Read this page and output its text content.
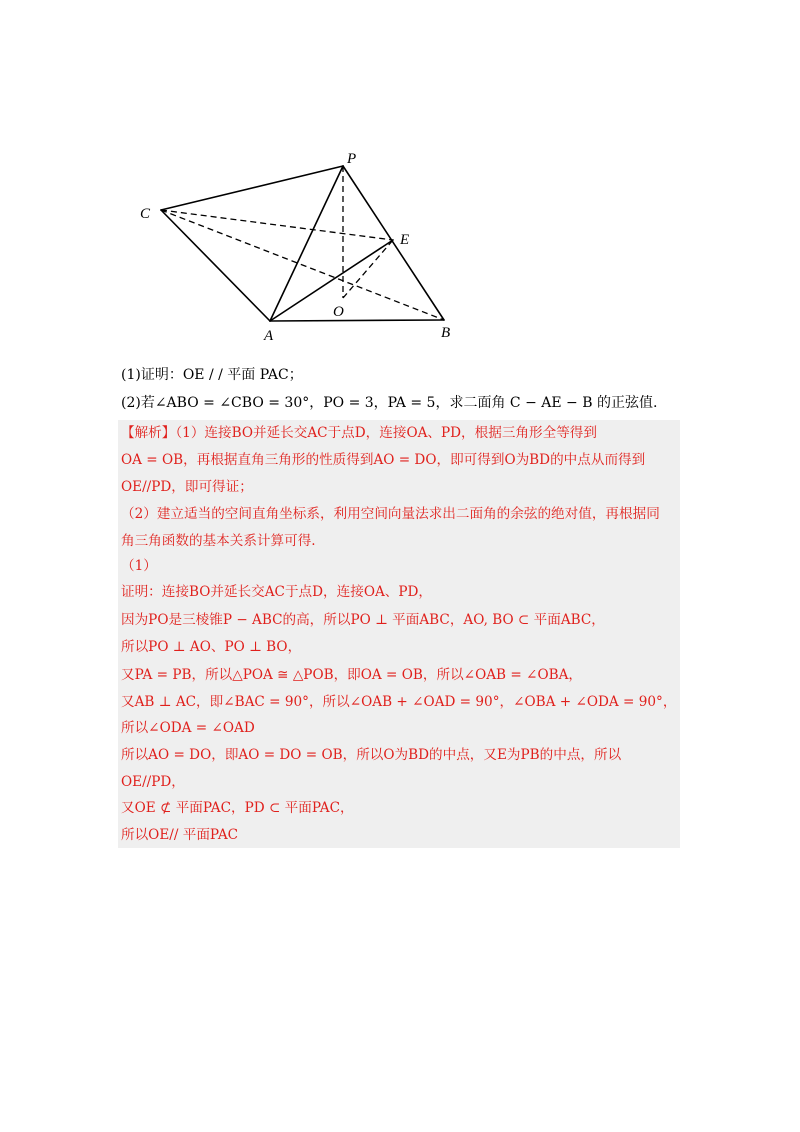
P
C
E
A
O
B
(1)证明：OE / / 平面 PAC；
(2)若∠ABO = ∠CBO = 30°，PO = 3，PA = 5，求二面角 C − AE − B 的正弦值.
【解析】（1）连接BO并延长交AC于点D，连接OA、PD，根据三角形全等得到
OA = OB，再根据直角三角形的性质得到AO = DO，即可得到O为BD的中点从而得到
OE//PD，即可得证；
（2）建立适当的空间直角坐标系，利用空间向量法求出二面角的余弦的绝对值，再根据同
角三角函数的基本关系计算可得.
（1）
证明：连接BO并延长交AC于点D，连接OA、PD，
因为PO是三棱锥P − ABC的高，所以PO ⊥ 平面ABC，AO, BO ⊂ 平面ABC，
所以PO ⊥ AO、PO ⊥ BO，
又PA = PB，所以△POA ≅ △POB，即OA = OB，所以∠OAB = ∠OBA，
又AB ⊥ AC，即∠BAC = 90°，所以∠OAB + ∠OAD = 90°，∠OBA + ∠ODA = 90°，
所以∠ODA = ∠OAD
所以AO = DO，即AO = DO = OB，所以O为BD的中点，又E为PB的中点，所以
OE//PD，
又OE ⊄ 平面PAC，PD ⊂ 平面PAC，
所以OE// 平面PAC
